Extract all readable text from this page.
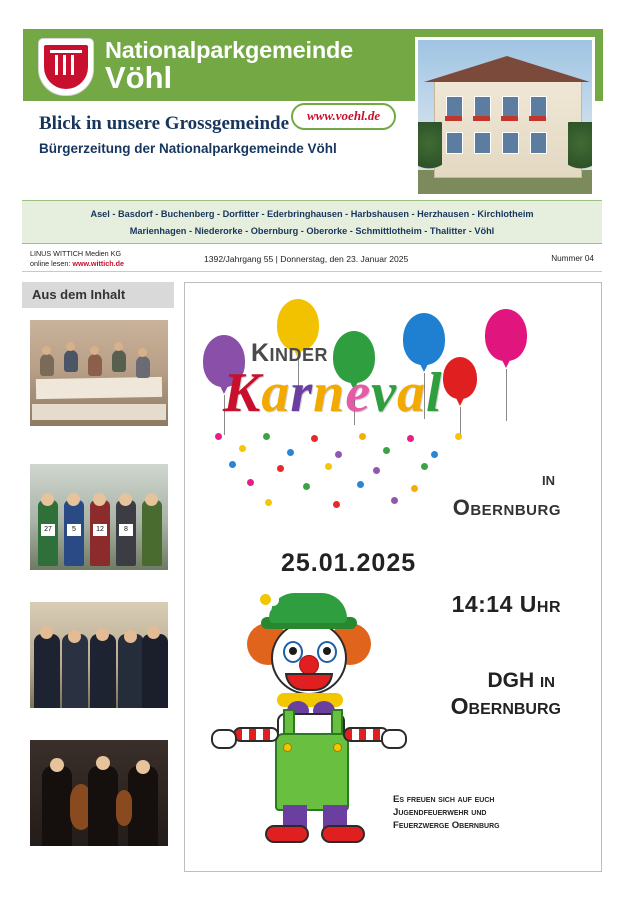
Nationalparkgemeinde
Vöhl
www.voehl.de
Blick in unsere Grossgemeinde
Bürgerzeitung der Nationalparkgemeinde Vöhl
Asel - Basdorf - Buchenberg - Dorfitter - Ederbringhausen - Harbshausen - Herzhausen - Kirchlotheim
Marienhagen - Niederorke - Obernburg - Oberorke - Schmittlotheim - Thalitter - Vöhl
LINUS WITTICH Medien KG
online lesen: www.wittich.de	1392/Jahrgang 55 | Donnerstag, den 23. Januar 2025	Nummer 04
Aus dem Inhalt
27	5	12	8
Kinder
Karneval
in
Obernburg
25.01.2025
14:14 Uhr
DGH in
Obernburg
Es freuen sich auf euch
Jugendfeuerwehr und
Feuerzwerge Obernburg
